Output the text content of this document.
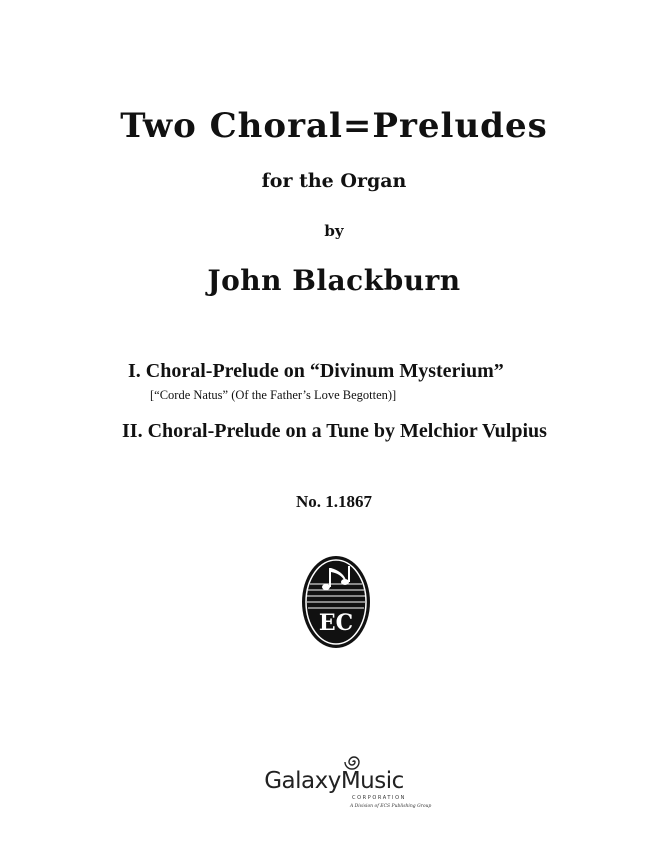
Two Choral=Preludes
for the Organ
by
John Blackburn
I. Choral-Prelude on “Divinum Mysterium”
[“Corde Natus” (Of the Father’s Love Begotten)]
II. Choral-Prelude on a Tune by Melchior Vulpius
No. 1.1867
EC
GalaxyMusic
CORPORATION
A Division of ECS Publishing Group
